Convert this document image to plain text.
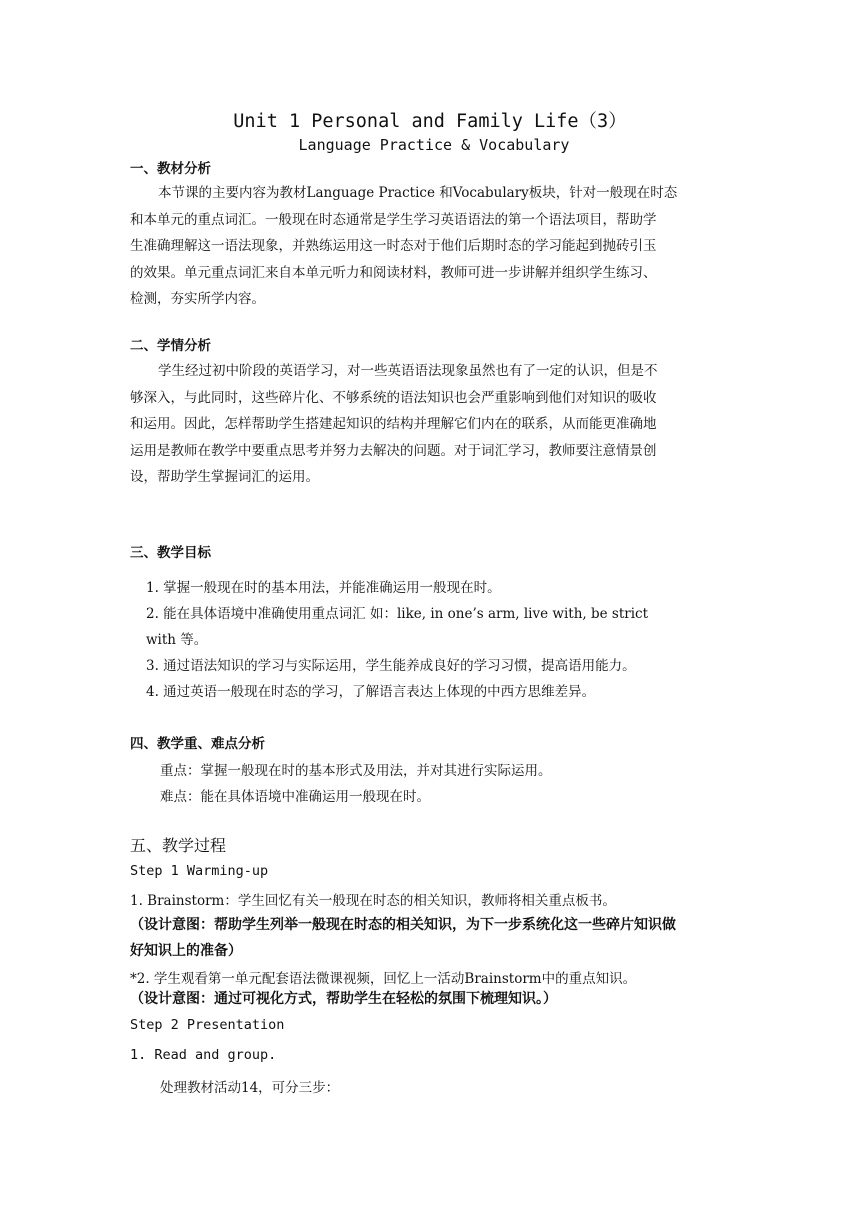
Unit 1 Personal and Family Life（3）
Language Practice & Vocabulary
一、教材分析
本节课的主要内容为教材Language Practice 和Vocabulary板块，针对一般现在时态
和本单元的重点词汇。一般现在时态通常是学生学习英语语法的第一个语法项目，帮助学
生准确理解这一语法现象，并熟练运用这一时态对于他们后期时态的学习能起到抛砖引玉
的效果。单元重点词汇来自本单元听力和阅读材料，教师可进一步讲解并组织学生练习、
检测，夯实所学内容。
二、学情分析
学生经过初中阶段的英语学习，对一些英语语法现象虽然也有了一定的认识，但是不
够深入，与此同时，这些碎片化、不够系统的语法知识也会严重影响到他们对知识的吸收
和运用。因此，怎样帮助学生搭建起知识的结构并理解它们内在的联系，从而能更准确地
运用是教师在教学中要重点思考并努力去解决的问题。对于词汇学习，教师要注意情景创
设，帮助学生掌握词汇的运用。
三、教学目标
1. 掌握一般现在时的基本用法，并能准确运用一般现在时。
2. 能在具体语境中准确使用重点词汇 如：like, in one’s arm, live with, be strict
with 等。
3. 通过语法知识的学习与实际运用，学生能养成良好的学习习惯，提高语用能力。
4. 通过英语一般现在时态的学习，了解语言表达上体现的中西方思维差异。
四、教学重、难点分析
重点：掌握一般现在时的基本形式及用法，并对其进行实际运用。
难点：能在具体语境中准确运用一般现在时。
五、教学过程
Step 1 Warming-up
1. Brainstorm：学生回忆有关一般现在时态的相关知识，教师将相关重点板书。
（设计意图：帮助学生列举一般现在时态的相关知识，为下一步系统化这一些碎片知识做
好知识上的准备）
*2. 学生观看第一单元配套语法微课视频，回忆上一活动Brainstorm中的重点知识。
（设计意图：通过可视化方式，帮助学生在轻松的氛围下梳理知识。）
Step 2 Presentation
1. Read and group.
处理教材活动14，可分三步：
